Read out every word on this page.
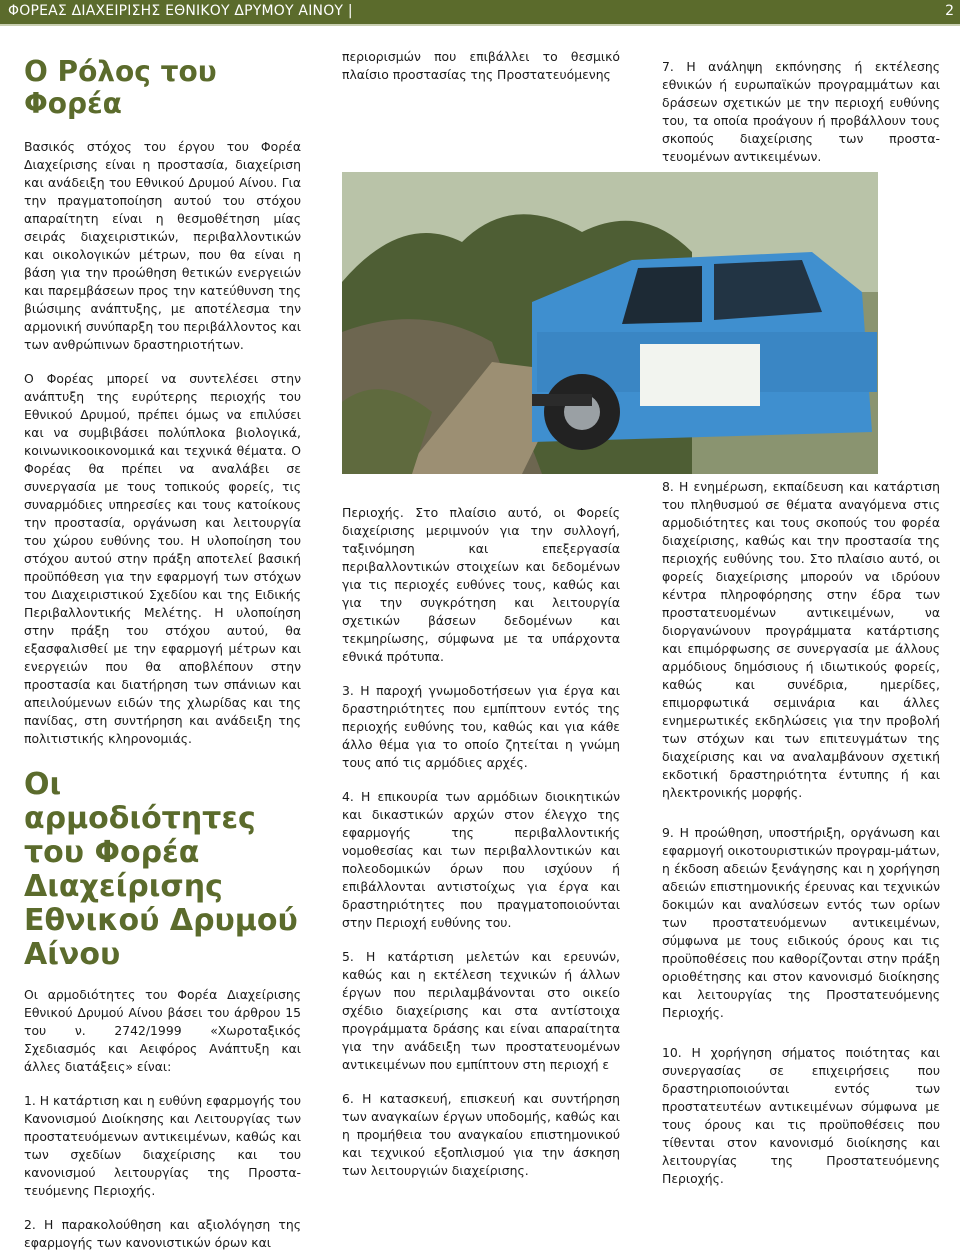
ΦΟΡΕΑΣ ΔΙΑΧΕΙΡΙΣΗΣ ΕΘΝΙΚΟΥ ΔΡΥΜΟΥ ΑΙΝΟΥ |	2
Ο Ρόλος του Φορέα

Βασικός στόχος του έργου του Φορέα Διαχείρισης είναι η προστασία, διαχείριση και ανάδειξη του Εθνικού Δρυμού Αίνου. Για την πραγματοποίηση αυτού του στόχου απαραίτητη είναι η θεσμοθέτηση μίας σειράς διαχειριστικών, περιβαλλοντικών και οικολογικών μέτρων, που θα είναι η βάση για την προώθηση θετικών ενεργειών και παρεμβάσεων προς την κατεύθυνση της βιώσιμης ανάπτυξης, με αποτέλεσμα την αρμονική συνύπαρξη του περιβάλλοντος και των ανθρώπινων δραστηριοτήτων.

Ο Φορέας μπορεί να συντελέσει στην ανάπτυξη της ευρύτερης περιοχής του Εθνικού Δρυμού, πρέπει όμως να επιλύσει και να συμβιβάσει πολύπλοκα βιολογικά, κοινωνικοοικονομικά και τεχνικά θέματα. Ο Φορέας θα πρέπει να αναλάβει σε συνεργασία με τους τοπικούς φορείς, τις συναρμόδιες υπηρεσίες και τους κατοίκους την προστασία, οργάνωση και λειτουργία του χώρου ευθύνης του. Η υλοποίηση του στόχου αυτού στην πράξη αποτελεί βασική προϋπόθεση για την εφαρμογή των στόχων του Διαχειριστικού Σχεδίου και της Ειδικής Περιβαλλοντικής Μελέτης. Η υλοποίηση στην πράξη του στόχου αυτού, θα εξασφαλισθεί με την εφαρμογή μέτρων και ενεργειών που θα αποβλέπουν στην προστασία και διατήρηση των σπάνιων και απειλούμενων ειδών της χλωρίδας και της πανίδας, στη συντήρηση και ανάδειξη της πολιτιστικής κληρονομιάς.

Οι αρμοδιότητες του Φορέα Διαχείρισης Εθνικού Δρυμού Αίνου

Οι αρμοδιότητες του Φορέα Διαχείρισης Εθνικού Δρυμού Αίνου βάσει του άρθρου 15 του ν. 2742/1999 «Χωροταξικός Σχεδιασμός και Αειφόρος Ανάπτυξη και άλλες διατάξεις» είναι:

1. Η κατάρτιση και η ευθύνη εφαρμογής του Κανονισμού Διοίκησης και Λειτουργίας των προστατευόμενων αντικειμένων, καθώς και των σχεδίων διαχείρισης και του κανονισμού λειτουργίας της Προστα-τευόμενης Περιοχής.

2. Η παρακολούθηση και αξιολόγηση της εφαρμογής των κανονιστικών όρων και

περιορισμών που επιβάλλει το θεσμικό πλαίσιο προστασίας της Προστατευόμενης

Περιοχής. Στο πλαίσιο αυτό, οι Φορείς διαχείρισης μεριμνούν για την συλλογή, ταξινόμηση και επεξεργασία περιβαλλοντικών στοιχείων και δεδομένων για τις περιοχές ευθύνες τους, καθώς και για την συγκρότηση και λειτουργία σχετικών βάσεων δεδομένων και τεκμηρίωσης, σύμφωνα με τα υπάρχοντα εθνικά πρότυπα.

3. Η παροχή γνωμοδοτήσεων για έργα και δραστηριότητες που εμπίπτουν εντός της περιοχής ευθύνης του, καθώς και για κάθε άλλο θέμα για το οποίο ζητείται η γνώμη τους από τις αρμόδιες αρχές.

4. Η επικουρία των αρμόδιων διοικητικών και δικαστικών αρχών στον έλεγχο της εφαρμογής της περιβαλλοντικής νομοθεσίας και των περιβαλλοντικών και πολεοδομικών όρων που ισχύουν ή επιβάλλονται αντιστοίχως για έργα και δραστηριότητες που πραγματοποιούνται στην Περιοχή ευθύνης του.

5. Η κατάρτιση μελετών και ερευνών, καθώς και η εκτέλεση τεχνικών ή άλλων έργων που περιλαμβάνονται στο οικείο σχέδιο διαχείρισης και στα αντίστοιχα προγράμματα δράσης και είναι απαραίτητα για την ανάδειξη των προστατευομένων αντικειμένων που εμπίπτουν στη περιοχή ε

6. Η κατασκευή, επισκευή και συντήρηση των αναγκαίων έργων υποδομής, καθώς και η προμήθεια του αναγκαίου επιστημονικού και τεχνικού εξοπλισμού για την άσκηση των λειτουργιών διαχείρισης.

7. Η ανάληψη εκπόνησης ή εκτέλεσης εθνικών ή ευρωπαϊκών προγραμμάτων και δράσεων σχετικών με την περιοχή ευθύνης του, τα οποία προάγουν ή προβάλλουν τους σκοπούς διαχείρισης των προστα-τευομένων αντικειμένων.

8. Η ενημέρωση, εκπαίδευση και κατάρτιση του πληθυσμού σε θέματα αναγόμενα στις αρμοδιότητες και τους σκοπούς του φορέα διαχείρισης, καθώς και την προστασία της περιοχής ευθύνης του. Στο πλαίσιο αυτό, οι φορείς διαχείρισης μπορούν να ιδρύουν κέντρα πληροφόρησης στην έδρα των προστατευομένων αντικειμένων, να διοργανώνουν προγράμματα κατάρτισης και επιμόρφωσης σε συνεργασία με άλλους αρμόδιους δημόσιους ή ιδιωτικούς φορείς, καθώς και συνέδρια, ημερίδες, επιμορφωτικά σεμινάρια και άλλες ενημερωτικές εκδηλώσεις για την προβολή των στόχων και των επιτευγμάτων της διαχείρισης και να αναλαμβάνουν σχετική εκδοτική δραστηριότητα έντυπης ή και ηλεκτρονικής μορφής.

9. Η προώθηση, υποστήριξη, οργάνωση και εφαρμογή οικοτουριστικών προγραμ-μάτων, η έκδοση αδειών ξενάγησης και η χορήγηση αδειών επιστημονικής έρευνας και τεχνικών δοκιμών και αναλύσεων εντός των ορίων των προστατευόμενων αντικειμένων, σύμφωνα με τους ειδικούς όρους και τις προϋποθέσεις που καθορίζονται στην πράξη οριοθέτησης και στον κανονισμό διοίκησης και λειτουργίας της Προστατευόμενης Περιοχής.

10. Η χορήγηση σήματος ποιότητας και συνεργασίας σε επιχειρήσεις που δραστηριοποιούνται εντός των προστατευτέων αντικειμένων σύμφωνα με τους όρους και τις προϋποθέσεις που τίθενται στον κανονισμό διοίκησης και λειτουργίας της Προστατευόμενης Περιοχής.
